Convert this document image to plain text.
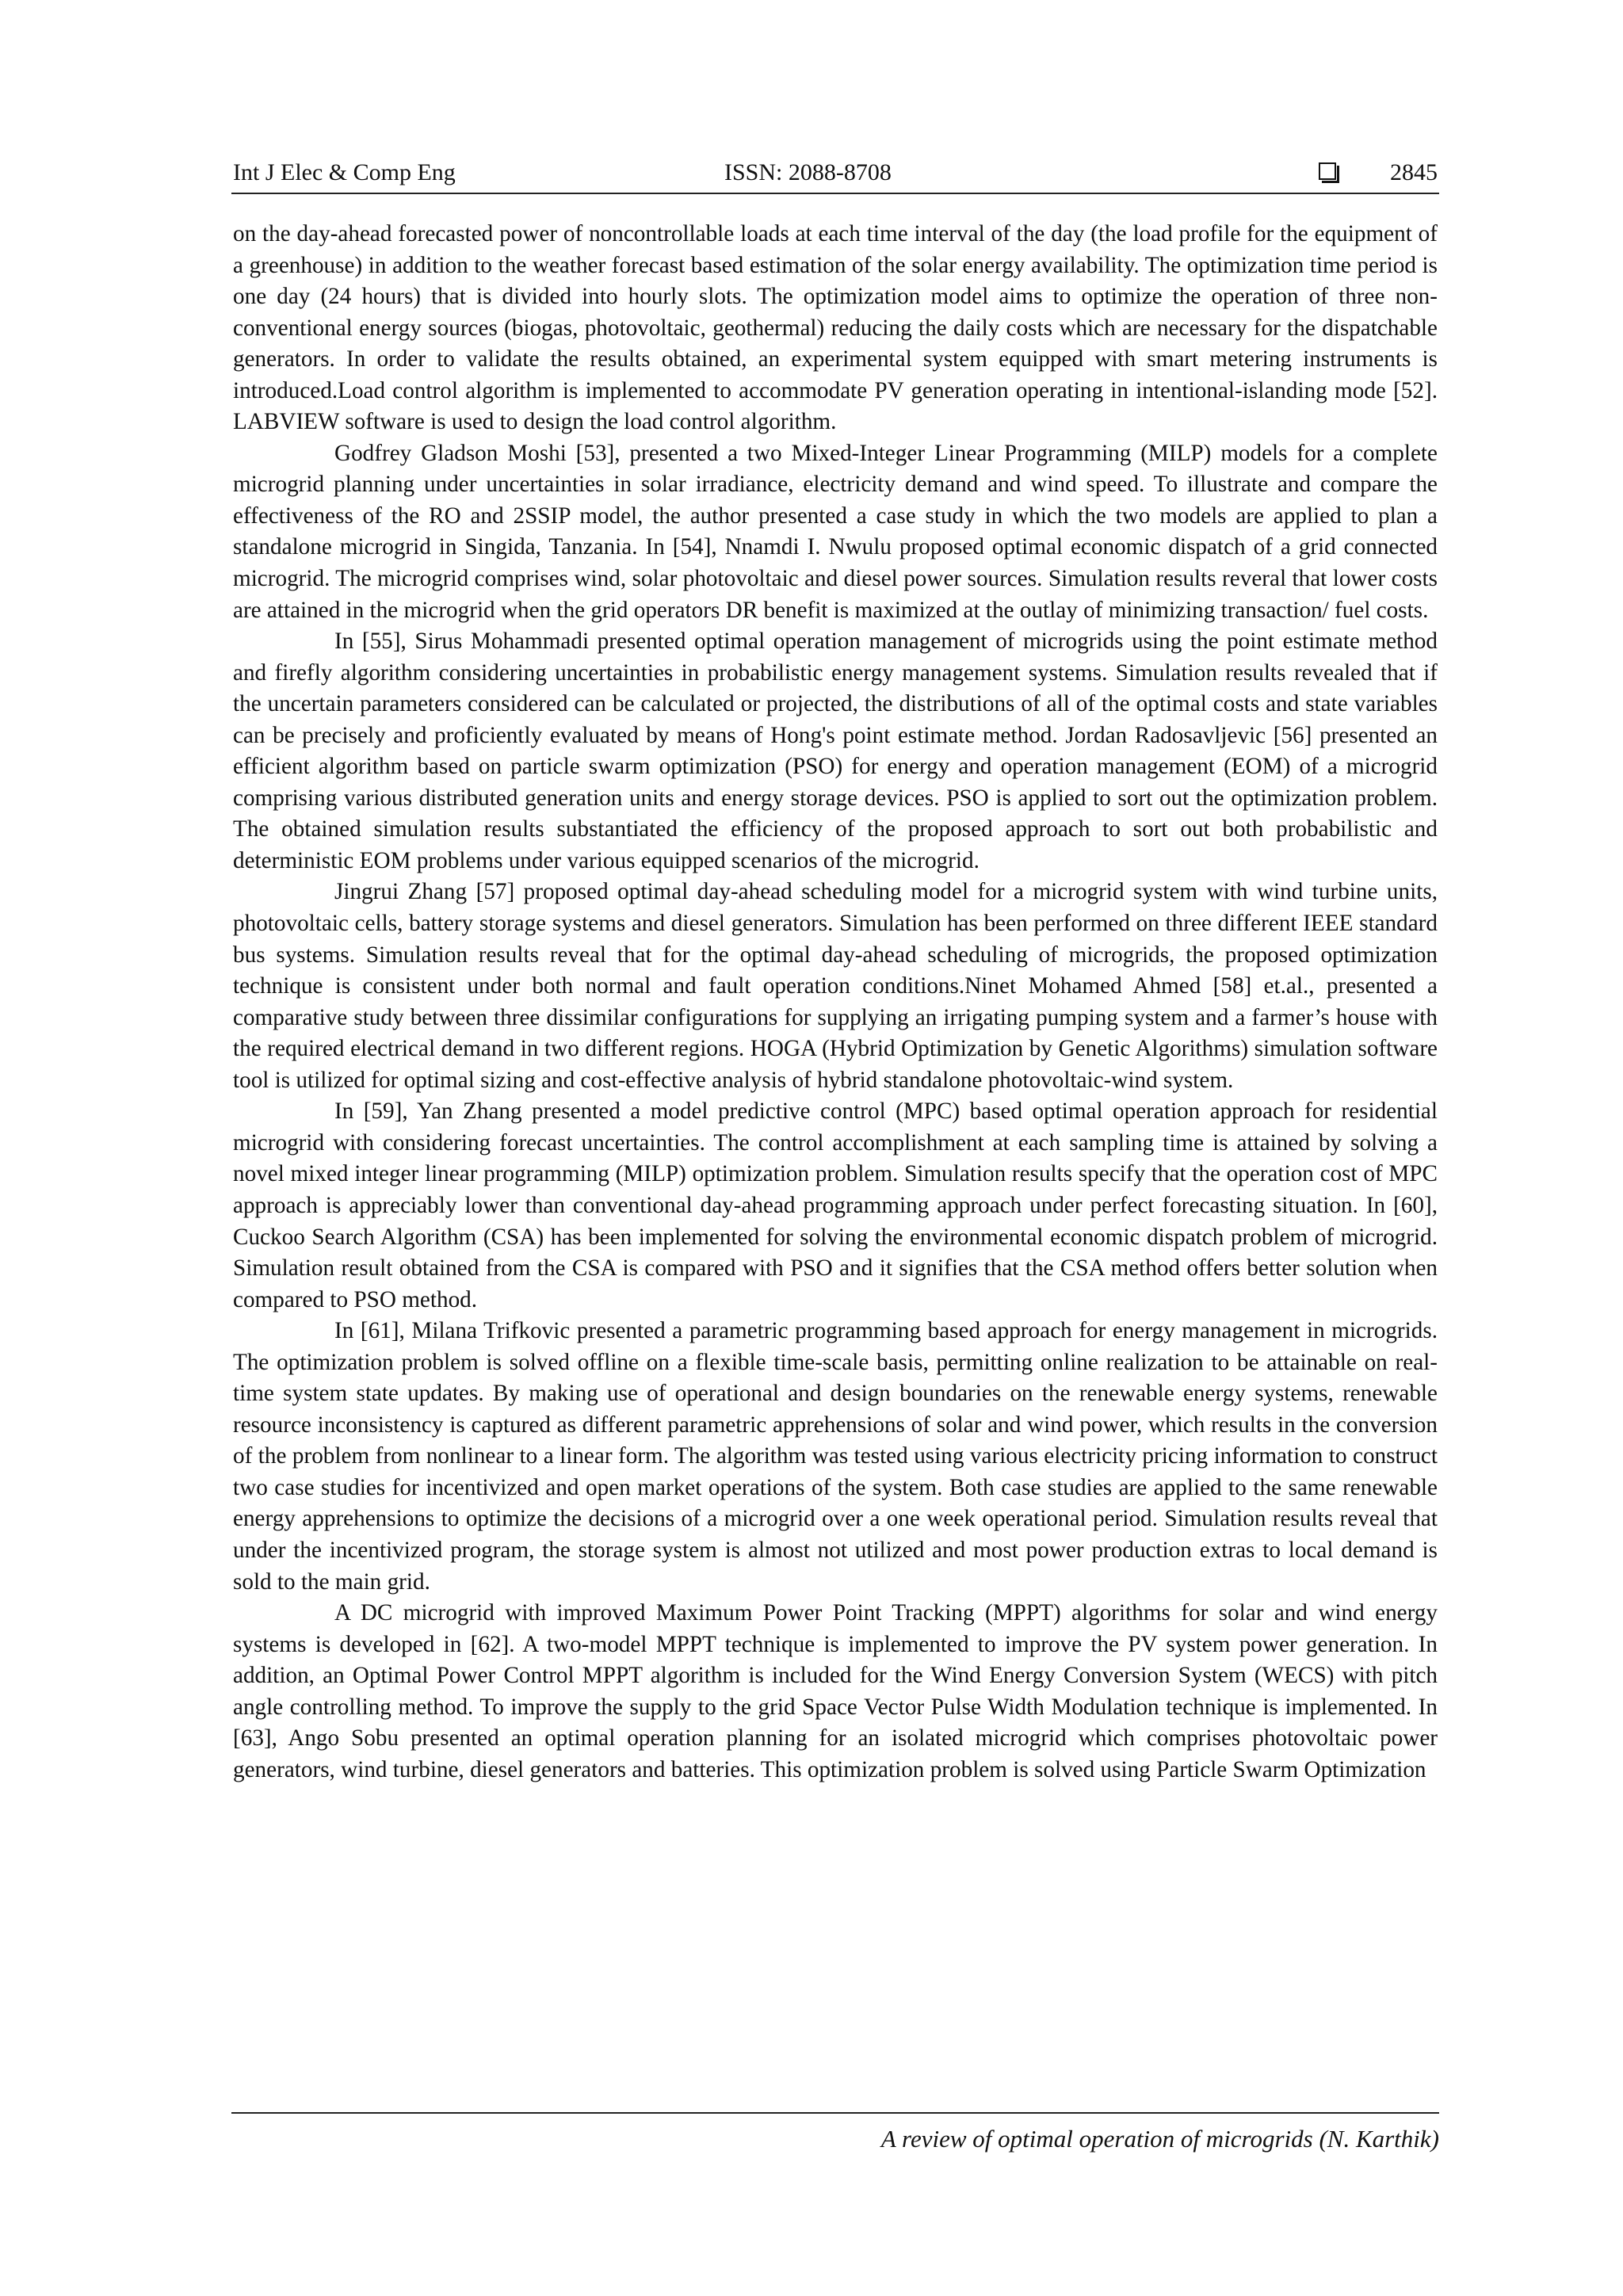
Int J Elec & Comp Eng	ISSN: 2088-8708	2845

on the day-ahead forecasted power of noncontrollable loads at each time interval of the day (the load profile for the equipment of a greenhouse) in addition to the weather forecast based estimation of the solar energy availability. The optimization time period is one day (24 hours) that is divided into hourly slots. The optimization model aims to optimize the operation of three non-conventional energy sources (biogas, photovoltaic, geothermal) reducing the daily costs which are necessary for the dispatchable generators. In order to validate the results obtained, an experimental system equipped with smart metering instruments is introduced.Load control algorithm is implemented to accommodate PV generation operating in intentional-islanding mode [52]. LABVIEW software is used to design the load control algorithm.

Godfrey Gladson Moshi [53], presented a two Mixed-Integer Linear Programming (MILP) models for a complete microgrid planning under uncertainties in solar irradiance, electricity demand and wind speed. To illustrate and compare the effectiveness of the RO and 2SSIP model, the author presented a case study in which the two models are applied to plan a standalone microgrid in Singida, Tanzania. In [54], Nnamdi I. Nwulu proposed optimal economic dispatch of a grid connected microgrid. The microgrid comprises wind, solar photovoltaic and diesel power sources. Simulation results reveral that lower costs are attained in the microgrid when the grid operators DR benefit is maximized at the outlay of minimizing transaction/ fuel costs.

In [55], Sirus Mohammadi presented optimal operation management of microgrids using the point estimate method and firefly algorithm considering uncertainties in probabilistic energy management systems. Simulation results revealed that if the uncertain parameters considered can be calculated or projected, the distributions of all of the optimal costs and state variables can be precisely and proficiently evaluated by means of Hong's point estimate method. Jordan Radosavljevic [56] presented an efficient algorithm based on particle swarm optimization (PSO) for energy and operation management (EOM) of a microgrid comprising various distributed generation units and energy storage devices. PSO is applied to sort out the optimization problem. The obtained simulation results substantiated the efficiency of the proposed approach to sort out both probabilistic and deterministic EOM problems under various equipped scenarios of the microgrid.

Jingrui Zhang [57] proposed optimal day-ahead scheduling model for a microgrid system with wind turbine units, photovoltaic cells, battery storage systems and diesel generators. Simulation has been performed on three different IEEE standard bus systems. Simulation results reveal that for the optimal day-ahead scheduling of microgrids, the proposed optimization technique is consistent under both normal and fault operation conditions.Ninet Mohamed Ahmed [58] et.al., presented a comparative study between three dissimilar configurations for supplying an irrigating pumping system and a farmer’s house with the required electrical demand in two different regions. HOGA (Hybrid Optimization by Genetic Algorithms) simulation software tool is utilized for optimal sizing and cost-effective analysis of hybrid standalone photovoltaic-wind system.

In [59], Yan Zhang presented a model predictive control (MPC) based optimal operation approach for residential microgrid with considering forecast uncertainties. The control accomplishment at each sampling time is attained by solving a novel mixed integer linear programming (MILP) optimization problem. Simulation results specify that the operation cost of MPC approach is appreciably lower than conventional day-ahead programming approach under perfect forecasting situation. In [60], Cuckoo Search Algorithm (CSA) has been implemented for solving the environmental economic dispatch problem of microgrid. Simulation result obtained from the CSA is compared with PSO and it signifies that the CSA method offers better solution when compared to PSO method.

In [61], Milana Trifkovic presented a parametric programming based approach for energy management in microgrids. The optimization problem is solved offline on a flexible time-scale basis, permitting online realization to be attainable on real-time system state updates. By making use of operational and design boundaries on the renewable energy systems, renewable resource inconsistency is captured as different parametric apprehensions of solar and wind power, which results in the conversion of the problem from nonlinear to a linear form. The algorithm was tested using various electricity pricing information to construct two case studies for incentivized and open market operations of the system. Both case studies are applied to the same renewable energy apprehensions to optimize the decisions of a microgrid over a one week operational period. Simulation results reveal that under the incentivized program, the storage system is almost not utilized and most power production extras to local demand is sold to the main grid.

A DC microgrid with improved Maximum Power Point Tracking (MPPT) algorithms for solar and wind energy systems is developed in [62]. A two-model MPPT technique is implemented to improve the PV system power generation. In addition, an Optimal Power Control MPPT algorithm is included for the Wind Energy Conversion System (WECS) with pitch angle controlling method. To improve the supply to the grid Space Vector Pulse Width Modulation technique is implemented. In [63], Ango Sobu presented an optimal operation planning for an isolated microgrid which comprises photovoltaic power generators, wind turbine, diesel generators and batteries. This optimization problem is solved using Particle Swarm Optimization

A review of optimal operation of microgrids (N. Karthik)
